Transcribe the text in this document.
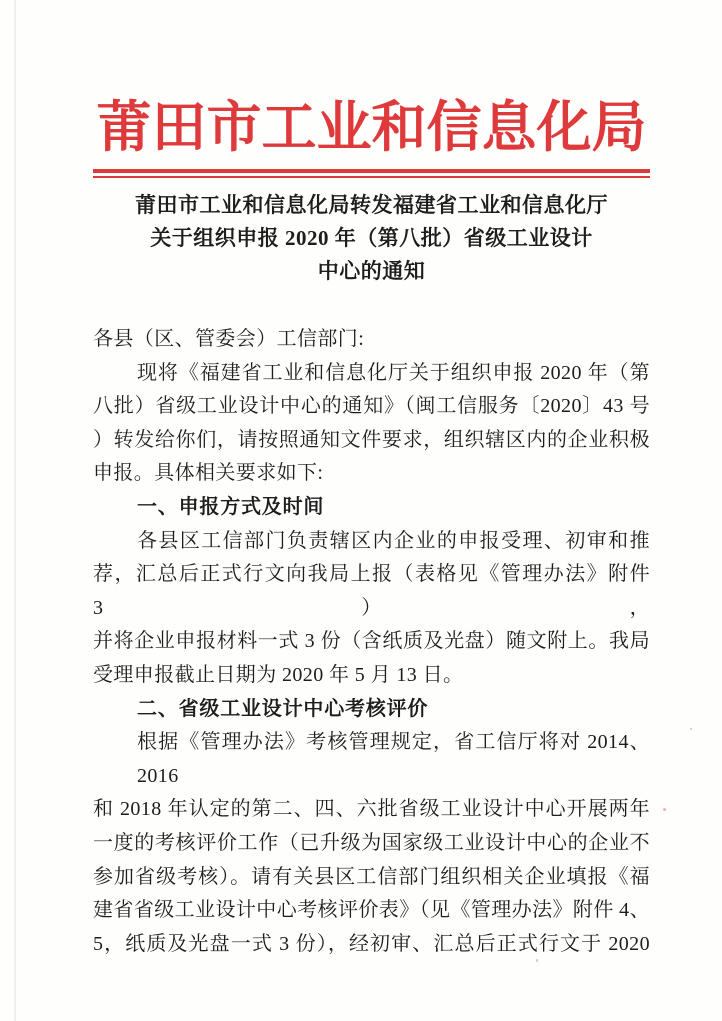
莆田市工业和信息化局
莆田市工业和信息化局转发福建省工业和信息化厅
关于组织申报 2020 年（第八批）省级工业设计
中心的通知
各县（区、管委会）工信部门:
现将《福建省工业和信息化厅关于组织申报 2020 年（第
八批）省级工业设计中心的通知》（闽工信服务〔2020〕43 号
）转发给你们，请按照通知文件要求，组织辖区内的企业积极
申报。具体相关要求如下:
一、申报方式及时间
各县区工信部门负责辖区内企业的申报受理、初审和推
荐，汇总后正式行文向我局上报（表格见《管理办法》附件 3），
并将企业申报材料一式 3 份（含纸质及光盘）随文附上。我局
受理申报截止日期为 2020 年 5 月 13 日。
二、省级工业设计中心考核评价
根据《管理办法》考核管理规定，省工信厅将对 2014、2016
和 2018 年认定的第二、四、六批省级工业设计中心开展两年
一度的考核评价工作（已升级为国家级工业设计中心的企业不
参加省级考核）。请有关县区工信部门组织相关企业填报《福
建省省级工业设计中心考核评价表》（见《管理办法》附件 4、
5，纸质及光盘一式 3 份），经初审、汇总后正式行文于 2020
